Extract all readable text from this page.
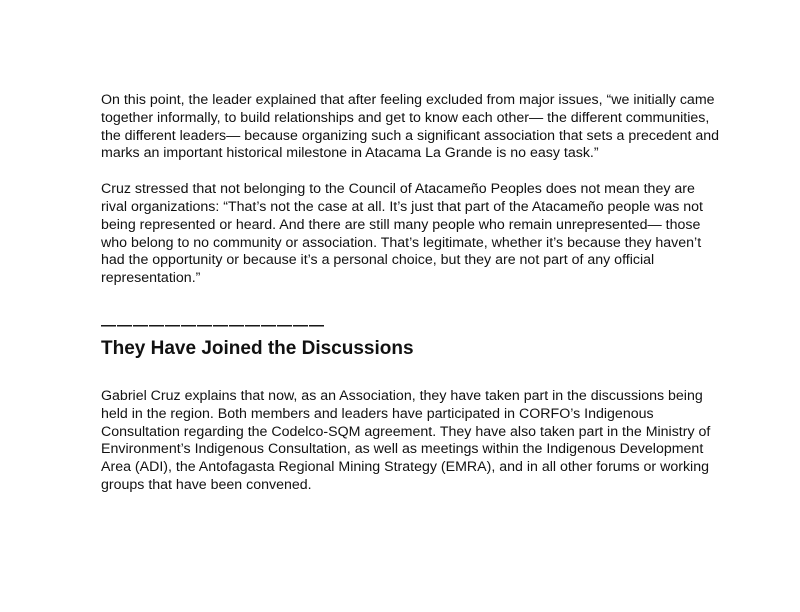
On this point, the leader explained that after feeling excluded from major issues, “we initially came together informally, to build relationships and get to know each other— the different communities, the different leaders— because organizing such a significant association that sets a precedent and marks an important historical milestone in Atacama La Grande is no easy task.”

Cruz stressed that not belonging to the Council of Atacameño Peoples does not mean they are rival organizations: “That’s not the case at all. It’s just that part of the Atacameño people was not being represented or heard. And there are still many people who remain unrepresented— those who belong to no community or association. That’s legitimate, whether it’s because they haven’t had the opportunity or because it’s a personal choice, but they are not part of any official representation.”

——————————————
They Have Joined the Discussions

Gabriel Cruz explains that now, as an Association, they have taken part in the discussions being held in the region. Both members and leaders have participated in CORFO’s Indigenous Consultation regarding the Codelco-SQM agreement. They have also taken part in the Ministry of Environment’s Indigenous Consultation, as well as meetings within the Indigenous Development Area (ADI), the Antofagasta Regional Mining Strategy (EMRA), and in all other forums or working groups that have been convened.
